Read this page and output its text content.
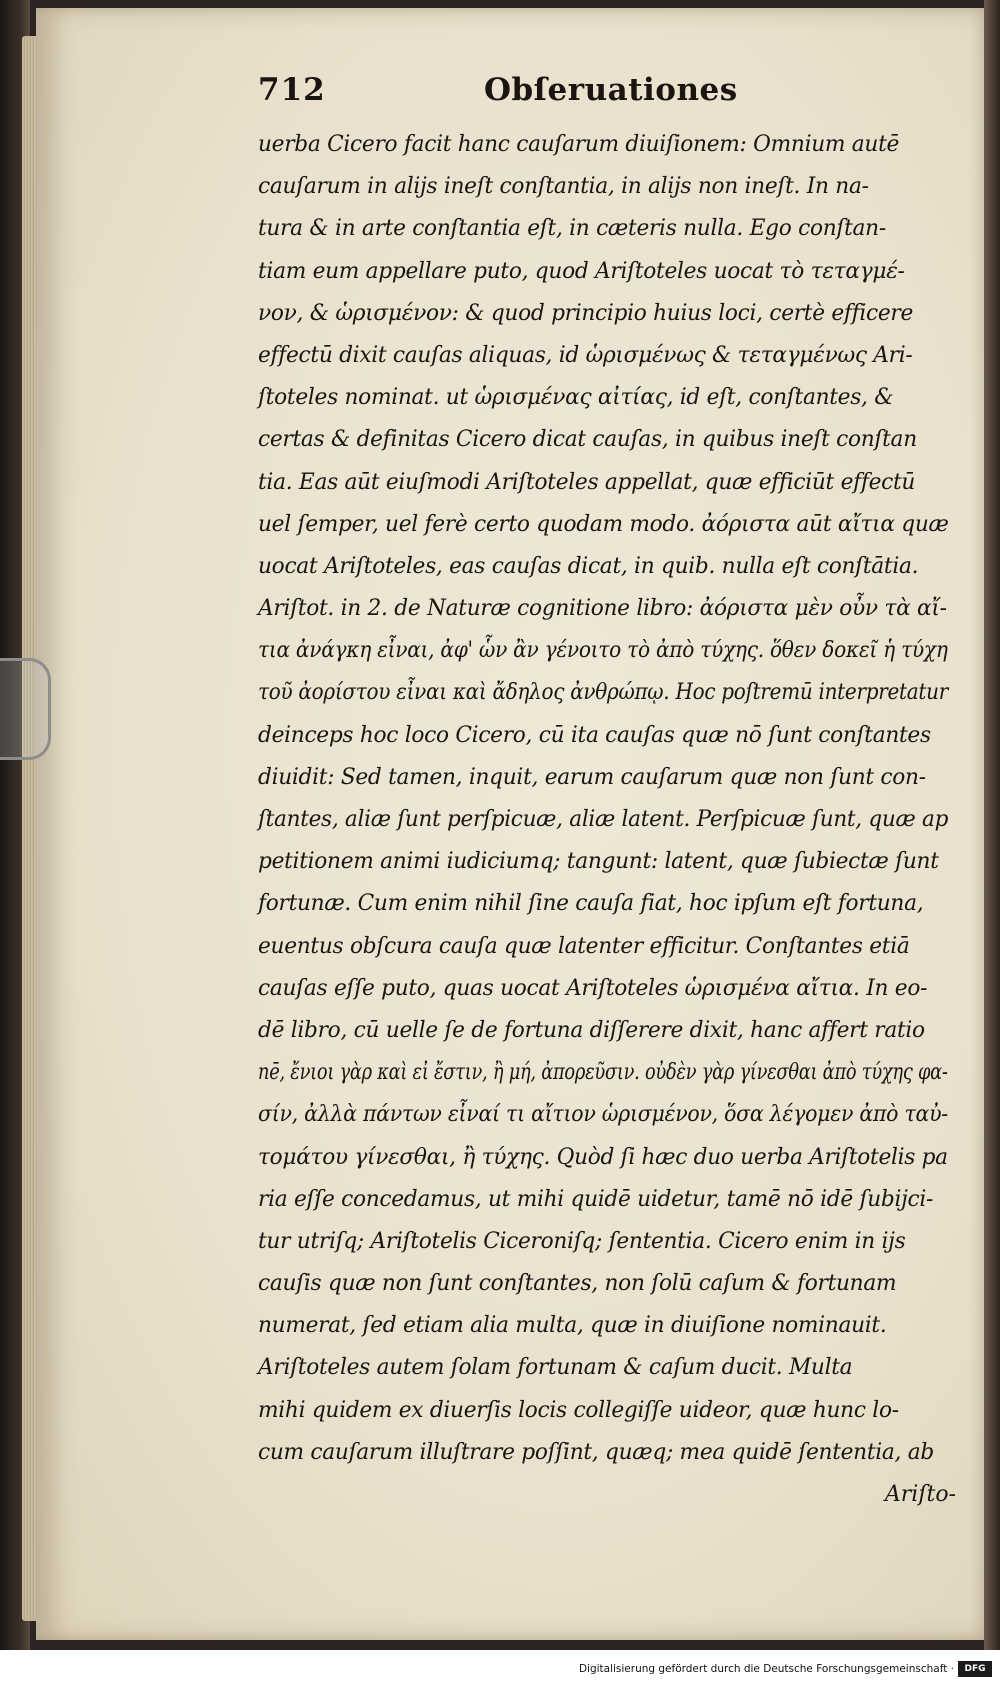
712	Obſeruationes
uerba Cicero facit hanc cauſarum diuiſionem: Omnium autē
cauſarum in alijs ineſt conſtantia, in alijs non ineſt. In na-
tura & in arte conſtantia eſt, in cæteris nulla. Ego conſtan-
tiam eum appellare puto, quod Ariſtoteles uocat τὸ τεταγμέ-
νον, & ὡρισμένον: & quod principio huius loci, certè efficere
effectū dixit cauſas aliquas, id ὡρισμένως & τεταγμένως Ari-
ſtoteles nominat. ut ὡρισμένας αἰτίας, id eſt, conſtantes, &
certas & definitas Cicero dicat cauſas, in quibus ineſt conſtan
tia. Eas aūt eiuſmodi Ariſtoteles appellat, quæ efficiūt effectū
uel ſemper, uel ferè certo quodam modo. ἀόριστα aūt αἴτια quæ
uocat Ariſtoteles, eas cauſas dicat, in quib. nulla eſt conſtātia.
Ariſtot. in 2. de Naturæ cognitione libro: ἀόριστα μὲν οὖν τὰ αἴ-
τια ἀνάγκη εἶναι, ἀφ' ὧν ἂν γένοιτο τὸ ἀπὸ τύχης. ὅθεν δοκεῖ ἡ τύχη
τοῦ ἀορίστου εἶναι καὶ ἄδηλος ἀνθρώπῳ. Hoc poſtremū interpretatur
deinceps hoc loco Cicero, cū ita cauſas quæ nō ſunt conſtantes
diuidit: Sed tamen, inquit, earum cauſarum quæ non ſunt con-
ſtantes, aliæ ſunt perſpicuæ, aliæ latent. Perſpicuæ ſunt, quæ ap
petitionem animi iudiciumq; tangunt: latent, quæ ſubiectæ ſunt
fortunæ. Cum enim nihil ſine cauſa fiat, hoc ipſum eſt fortuna,
euentus obſcura cauſa quæ latenter efficitur. Conſtantes etiā
cauſas eſſe puto, quas uocat Ariſtoteles ὡρισμένα αἴτια. In eo-
dē libro, cū uelle ſe de fortuna diſſerere dixit, hanc affert ratio
nē, ἔνιοι γὰρ καὶ εἰ ἔστιν, ἢ μή, ἀπορεῦσιν. οὐδὲν γὰρ γίνεσθαι ἀπὸ τύχης φα-
σίν, ἀλλὰ πάντων εἶναί τι αἴτιον ὡρισμένον, ὅσα λέγομεν ἀπὸ ταὐ-
τομάτου γίνεσθαι, ἢ τύχης. Quòd ſi hæc duo uerba Ariſtotelis pa
ria eſſe concedamus, ut mihi quidē uidetur, tamē nō idē ſubijci-
tur utriſq; Ariſtotelis Ciceroniſq; ſententia. Cicero enim in ijs
cauſis quæ non ſunt conſtantes, non ſolū caſum & fortunam
numerat, ſed etiam alia multa, quæ in diuiſione nominauit.
Ariſtoteles autem ſolam fortunam & caſum ducit. Multa
mihi quidem ex diuerſis locis collegiſſe uideor, quæ hunc lo-
cum cauſarum illuſtrare poſſint, quæq; mea quidē ſententia, ab
Ariſto-
Digitalisierung gefördert durch die Deutsche Forschungsgemeinschaft ·	DFG
